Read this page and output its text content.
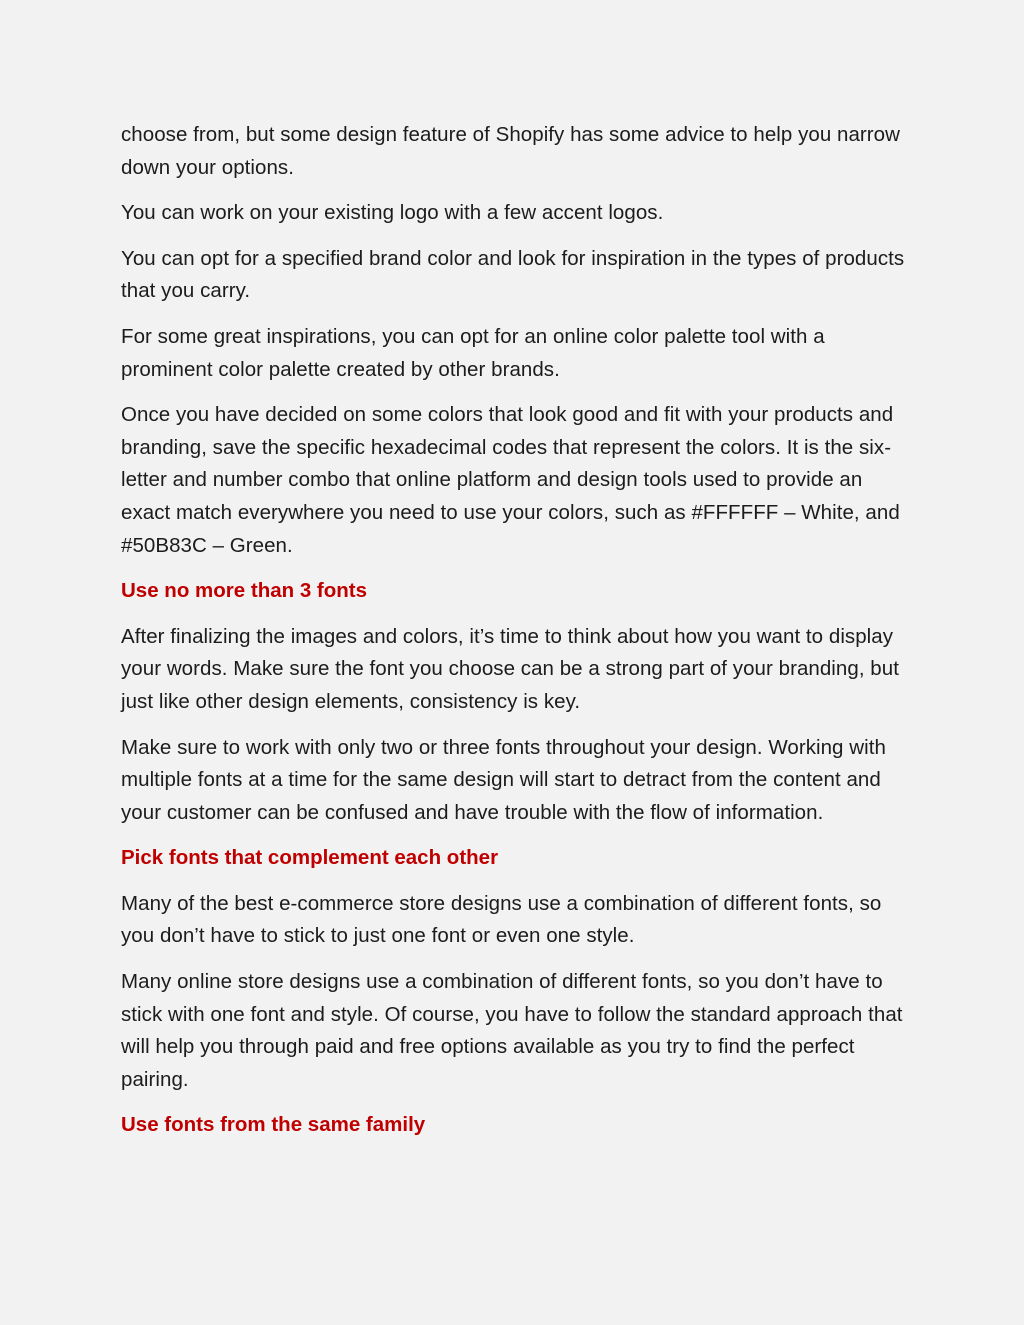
choose from, but some design feature of Shopify has some advice to help you narrow down your options.

You can work on your existing logo with a few accent logos.

You can opt for a specified brand color and look for inspiration in the types of products that you carry.

For some great inspirations, you can opt for an online color palette tool with a prominent color palette created by other brands.

Once you have decided on some colors that look good and fit with your products and branding, save the specific hexadecimal codes that represent the colors. It is the six-letter and number combo that online platform and design tools used to provide an exact match everywhere you need to use your colors, such as #FFFFFF – White, and #50B83C – Green.

Use no more than 3 fonts

After finalizing the images and colors, it’s time to think about how you want to display your words. Make sure the font you choose can be a strong part of your branding, but just like other design elements, consistency is key.

Make sure to work with only two or three fonts throughout your design. Working with multiple fonts at a time for the same design will start to detract from the content and your customer can be confused and have trouble with the flow of information.

Pick fonts that complement each other

Many of the best e-commerce store designs use a combination of different fonts, so you don’t have to stick to just one font or even one style.

Many online store designs use a combination of different fonts, so you don’t have to stick with one font and style. Of course, you have to follow the standard approach that will help you through paid and free options available as you try to find the perfect pairing.

Use fonts from the same family
